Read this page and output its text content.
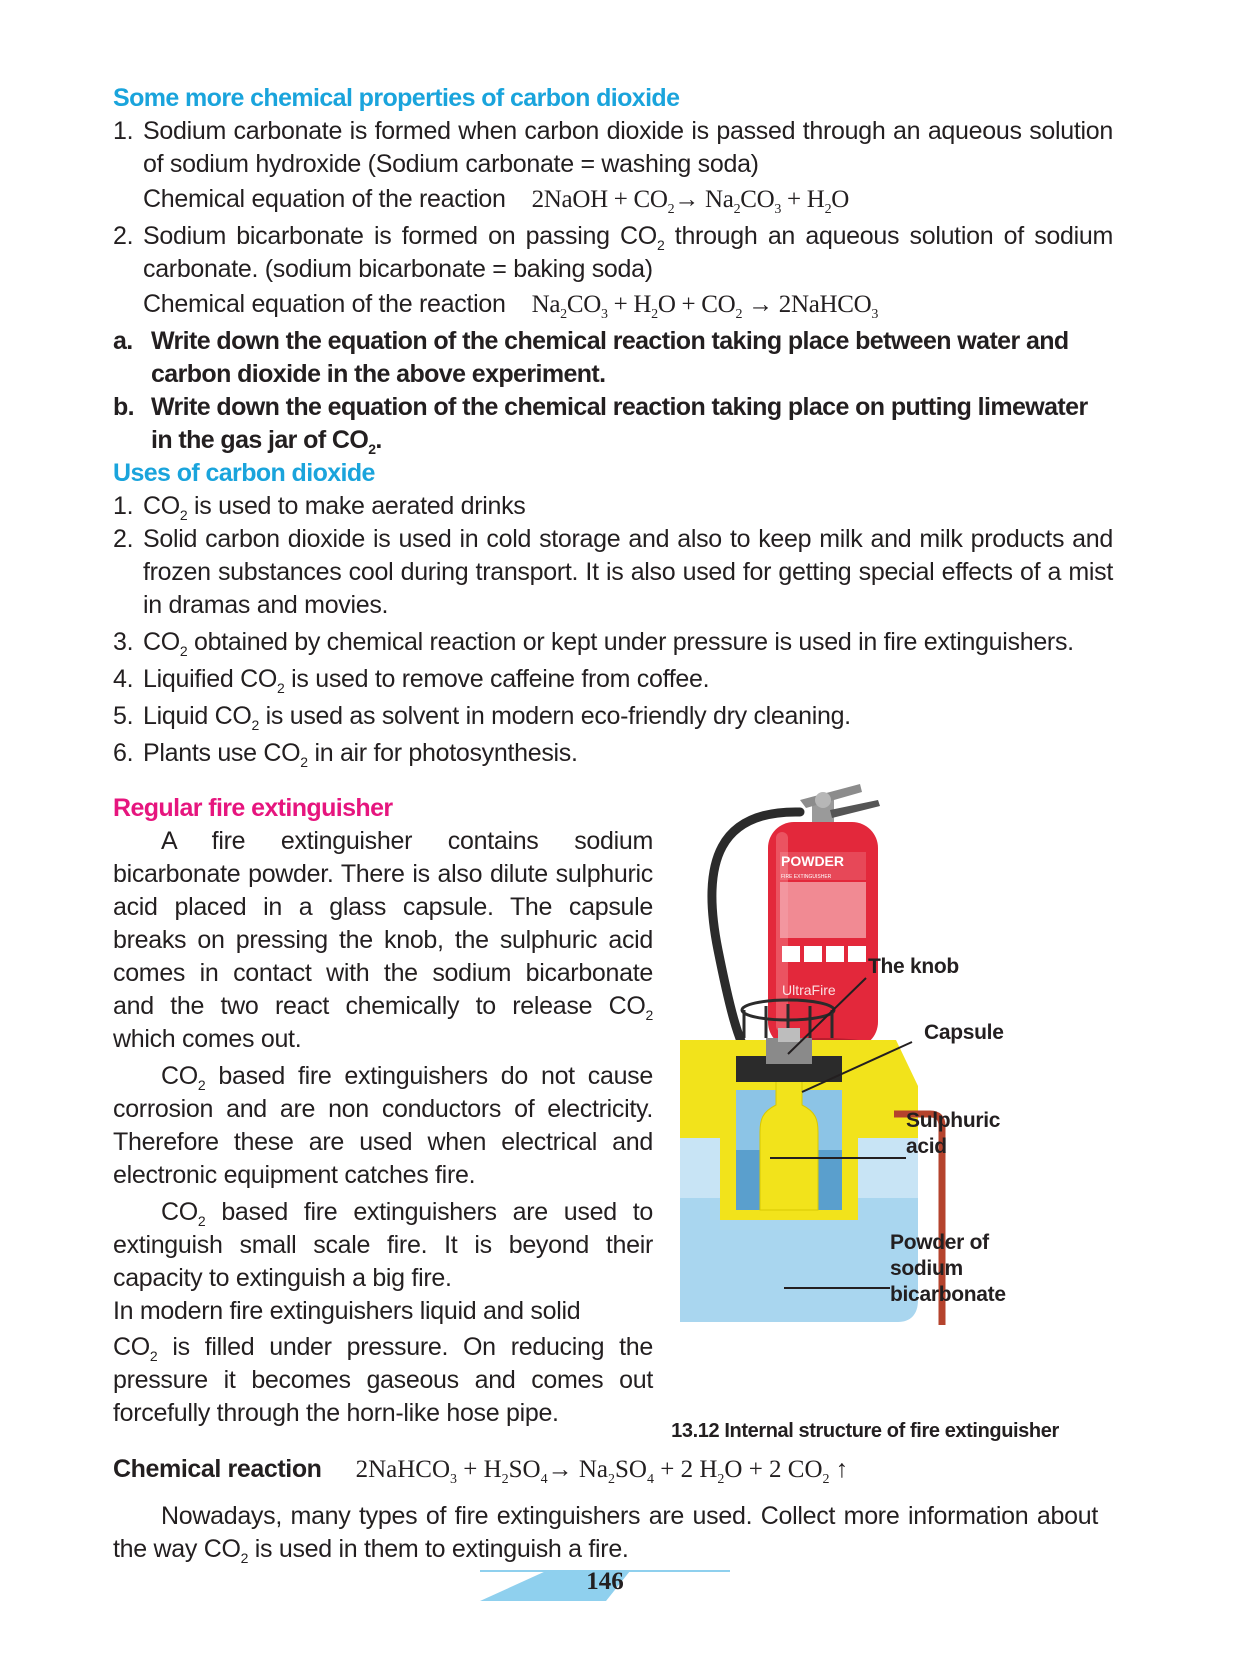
Some more chemical properties of carbon dioxide
1. Sodium carbonate is formed when carbon dioxide is passed through an aqueous solution of sodium hydroxide (Sodium carbonate = washing soda)
Chemical equation of the reaction 2NaOH + $CO_2\to Na_2CO_3 + H_2O$
2. Sodium bicarbonate is formed on passing $CO_2$ through an aqueous solution of sodium carbonate. (sodium bicarbonate = baking soda)
Chemical equation of the reaction $Na_2CO_3 + H_2O + CO_2$ → 2NaHCO$_3$
a. Write down the equation of the chemical reaction taking place between water and carbon dioxide in the above experiment.
b. Write down the equation of the chemical reaction taking place on putting limewater in the gas jar of $CO_2$.
Uses of carbon dioxide
1. $CO_2$ is used to make aerated drinks
2. Solid carbon dioxide is used in cold storage and also to keep milk and milk products and frozen substances cool during transport. It is also used for getting special effects of a mist in dramas and movies.
3. $CO_2$ obtained by chemical reaction or kept under pressure is used in fire extinguishers.
4. Liquified $CO_2$ is used to remove caffeine from coffee.
5. Liquid $CO_2$ is used as solvent in modern eco-friendly dry cleaning.
6. Plants use $CO_2$ in air for photosynthesis.
Regular fire extinguisher
A fire extinguisher contains sodium bicarbonate powder. There is also dilute sulphuric acid placed in a glass capsule. The capsule breaks on pressing the knob, the sulphuric acid comes in contact with the sodium bicarbonate and the two react chemically to release $CO_2$ which comes out.
$CO_2$ based fire extinguishers do not cause corrosion and are non conductors of electricity. Therefore these are used when electrical and electronic equipment catches fire.
$CO_2$ based fire extinguishers are used to extinguish small scale fire. It is beyond their capacity to extinguish a big fire.
In modern fire extinguishers liquid and solid
$CO_2$ is filled under pressure. On reducing the pressure it becomes gaseous and comes out forcefully through the horn-like hose pipe.
POWDER
FIRE EXTINGUISHER
UltraFire
The knob
Capsule
Sulphuric
acid
Powder of
sodium
bicarbonate
13.12 Internal structure of fire extinguisher
Chemical reaction 2NaHCO$_3$ + $H_2SO_4\to Na_2SO_4 + 2$ $H_2O + 2$ $CO_2$ ↑
Nowadays, many types of fire extinguishers are used. Collect more information about the way $CO_2$ is used in them to extinguish a fire.
146
